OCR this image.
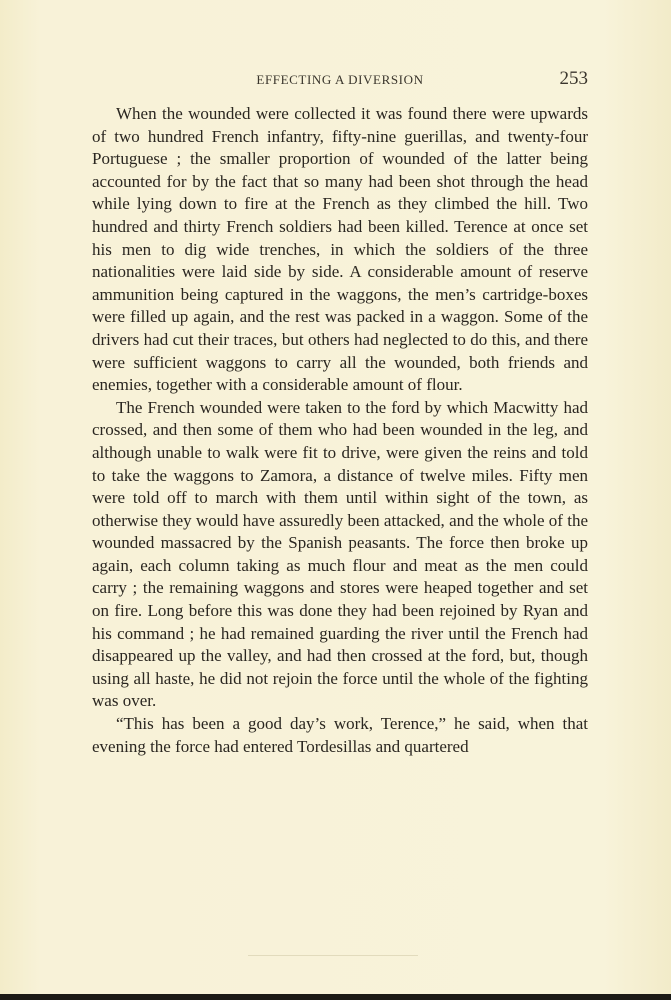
EFFECTING A DIVERSION	253

When the wounded were collected it was found there were upwards of two hundred French infantry, fifty-nine guerillas, and twenty-four Portuguese ; the smaller proportion of wounded of the latter being accounted for by the fact that so many had been shot through the head while lying down to fire at the French as they climbed the hill. Two hundred and thirty French soldiers had been killed. Terence at once set his men to dig wide trenches, in which the soldiers of the three nationalities were laid side by side. A considerable amount of reserve ammunition being captured in the waggons, the men’s cartridge-boxes were filled up again, and the rest was packed in a waggon. Some of the drivers had cut their traces, but others had neglected to do this, and there were sufficient waggons to carry all the wounded, both friends and enemies, together with a considerable amount of flour.

The French wounded were taken to the ford by which Macwitty had crossed, and then some of them who had been wounded in the leg, and although unable to walk were fit to drive, were given the reins and told to take the waggons to Zamora, a distance of twelve miles. Fifty men were told off to march with them until within sight of the town, as otherwise they would have assuredly been attacked, and the whole of the wounded massacred by the Spanish peasants. The force then broke up again, each column taking as much flour and meat as the men could carry ; the remaining waggons and stores were heaped together and set on fire. Long before this was done they had been rejoined by Ryan and his command ; he had remained guarding the river until the French had disappeared up the valley, and had then crossed at the ford, but, though using all haste, he did not rejoin the force until the whole of the fighting was over.

“This has been a good day’s work, Terence,” he said, when that evening the force had entered Tordesillas and quartered
